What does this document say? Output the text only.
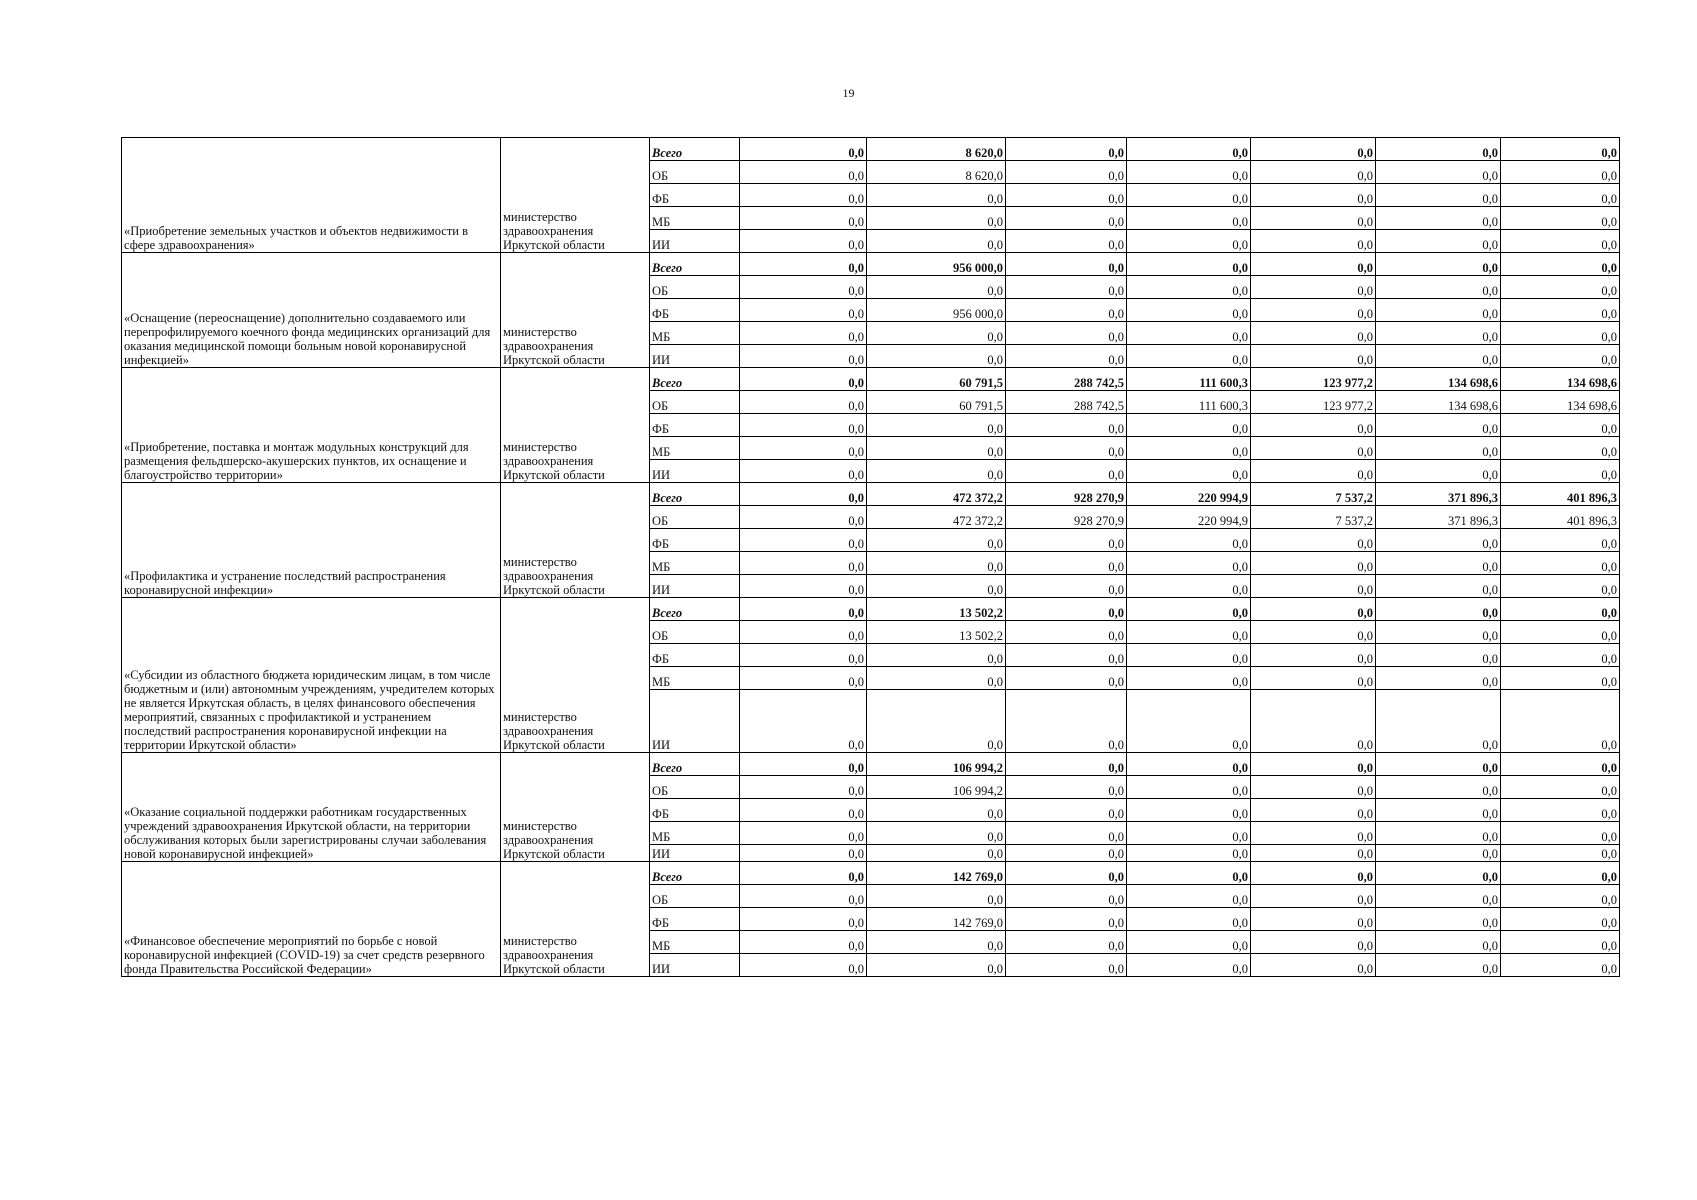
19
«Приобретение земельных участков и объектов недвижимости в сфере здравоохранения»	министерство здравоохранения Иркутской области	Всего	0,0	8 620,0	0,0	0,0	0,0	0,0	0,0
		ОБ	0,0	8 620,0	0,0	0,0	0,0	0,0	0,0
		ФБ	0,0	0,0	0,0	0,0	0,0	0,0	0,0
		МБ	0,0	0,0	0,0	0,0	0,0	0,0	0,0
		ИИ	0,0	0,0	0,0	0,0	0,0	0,0	0,0
«Оснащение (переоснащение) дополнительно создаваемого или перепрофилируемого коечного фонда медицинских организаций для оказания медицинской помощи больным новой коронавирусной инфекцией»	министерство здравоохранения Иркутской области	Всего	0,0	956 000,0	0,0	0,0	0,0	0,0	0,0
		ОБ	0,0	0,0	0,0	0,0	0,0	0,0	0,0
		ФБ	0,0	956 000,0	0,0	0,0	0,0	0,0	0,0
		МБ	0,0	0,0	0,0	0,0	0,0	0,0	0,0
		ИИ	0,0	0,0	0,0	0,0	0,0	0,0	0,0
«Приобретение, поставка и монтаж модульных конструкций для размещения фельдшерско-акушерских пунктов, их оснащение и благоустройство территории»	министерство здравоохранения Иркутской области	Всего	0,0	60 791,5	288 742,5	111 600,3	123 977,2	134 698,6	134 698,6
		ОБ	0,0	60 791,5	288 742,5	111 600,3	123 977,2	134 698,6	134 698,6
		ФБ	0,0	0,0	0,0	0,0	0,0	0,0	0,0
		МБ	0,0	0,0	0,0	0,0	0,0	0,0	0,0
		ИИ	0,0	0,0	0,0	0,0	0,0	0,0	0,0
«Профилактика и устранение последствий распространения коронавирусной инфекции»	министерство здравоохранения Иркутской области	Всего	0,0	472 372,2	928 270,9	220 994,9	7 537,2	371 896,3	401 896,3
		ОБ	0,0	472 372,2	928 270,9	220 994,9	7 537,2	371 896,3	401 896,3
		ФБ	0,0	0,0	0,0	0,0	0,0	0,0	0,0
		МБ	0,0	0,0	0,0	0,0	0,0	0,0	0,0
		ИИ	0,0	0,0	0,0	0,0	0,0	0,0	0,0
«Субсидии из областного бюджета юридическим лицам, в том числе бюджетным и (или) автономным учреждениям, учредителем которых не является Иркутская область, в целях финансового обеспечения мероприятий, связанных с профилактикой и устранением последствий распространения коронавирусной инфекции на территории Иркутской области»	министерство здравоохранения Иркутской области	Всего	0,0	13 502,2	0,0	0,0	0,0	0,0	0,0
		ОБ	0,0	13 502,2	0,0	0,0	0,0	0,0	0,0
		ФБ	0,0	0,0	0,0	0,0	0,0	0,0	0,0
		МБ	0,0	0,0	0,0	0,0	0,0	0,0	0,0
		ИИ	0,0	0,0	0,0	0,0	0,0	0,0	0,0
«Оказание социальной поддержки работникам государственных учреждений здравоохранения Иркутской области, на территории обслуживания которых были зарегистрированы случаи заболевания новой коронавирусной инфекцией»	министерство здравоохранения Иркутской области	Всего	0,0	106 994,2	0,0	0,0	0,0	0,0	0,0
		ОБ	0,0	106 994,2	0,0	0,0	0,0	0,0	0,0
		ФБ	0,0	0,0	0,0	0,0	0,0	0,0	0,0
		МБ	0,0	0,0	0,0	0,0	0,0	0,0	0,0
		ИИ	0,0	0,0	0,0	0,0	0,0	0,0	0,0
«Финансовое обеспечение мероприятий по борьбе с новой коронавирусной инфекцией (COVID-19) за счет средств резервного фонда Правительства Российской Федерации»	министерство здравоохранения Иркутской области	Всего	0,0	142 769,0	0,0	0,0	0,0	0,0	0,0
		ОБ	0,0	0,0	0,0	0,0	0,0	0,0	0,0
		ФБ	0,0	142 769,0	0,0	0,0	0,0	0,0	0,0
		МБ	0,0	0,0	0,0	0,0	0,0	0,0	0,0
		ИИ	0,0	0,0	0,0	0,0	0,0	0,0	0,0
